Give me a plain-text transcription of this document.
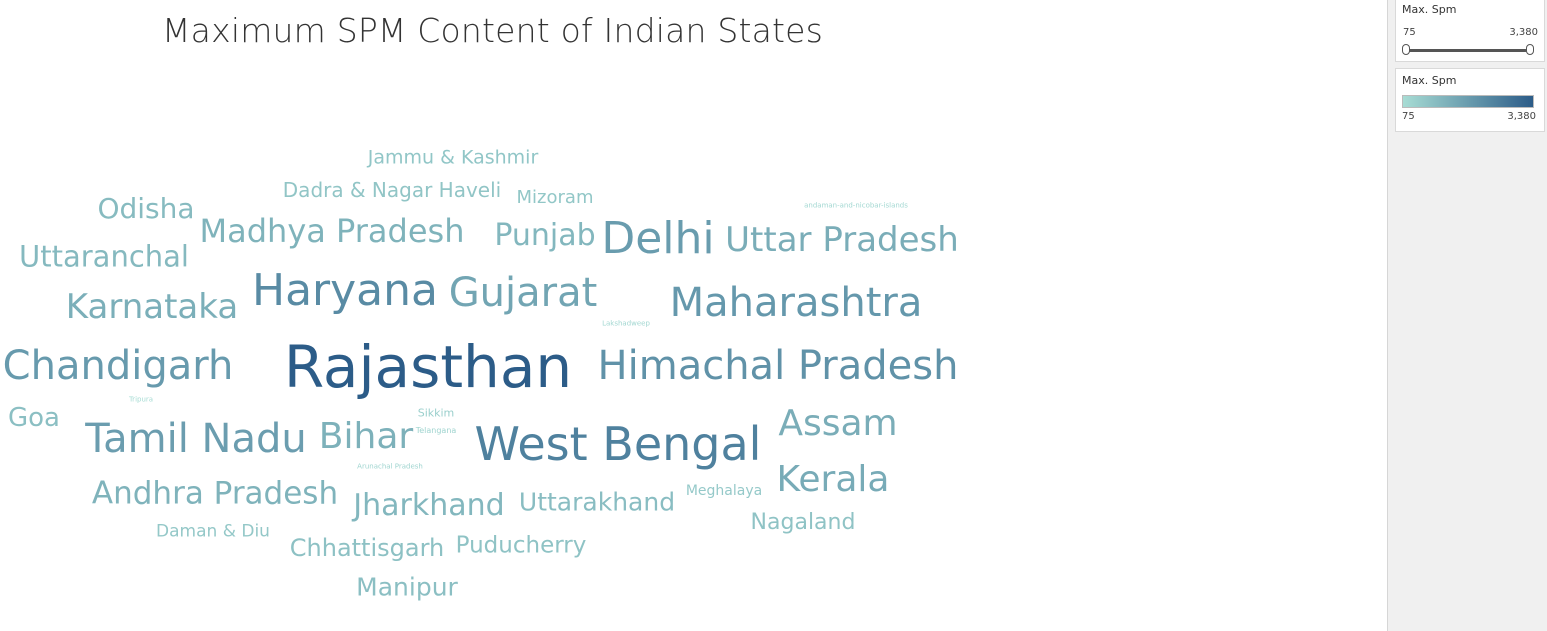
Maximum SPM Content of Indian States
Rajasthan
West Bengal
Haryana
Himachal Pradesh
Maharashtra
Chandigarh
Delhi
Tamil Nadu
Gujarat
Kerala
Uttar Pradesh
Assam
Karnataka
Bihar
Madhya Pradesh
Andhra Pradesh
Punjab
Jharkhand
Uttaranchal
Odisha
Uttarakhand
Goa
Manipur
Chhattisgarh
Nagaland
Puducherry
Dadra & Nagar Haveli
Jammu & Kashmir
Mizoram
Daman & Diu
Meghalaya
Sikkim
Telangana
Arunachal Pradesh
Lakshadweep
andaman-and-nicobar-islands
Tripura
Max. Spm
75	3,380
Max. Spm
75	3,380
